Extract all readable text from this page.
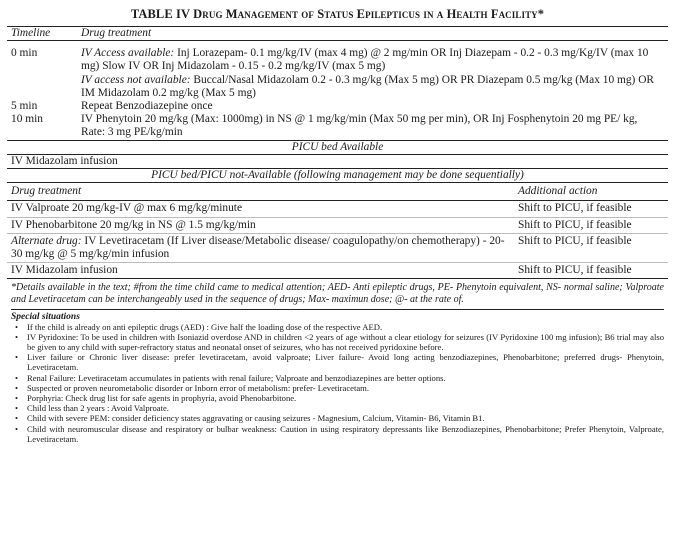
TABLE IV Drug Management of Status Epilepticus in a Health Facility*
Timeline	Drug treatment
0 min	IV Access available: Inj Lorazepam- 0.1 mg/kg/IV (max 4 mg) @ 2 mg/min OR Inj Diazepam - 0.2 - 0.3 mg/Kg/IV (max 10 mg) Slow IV OR Inj Midazolam - 0.15 - 0.2 mg/kg/IV (max 5 mg)
	IV access not available: Buccal/Nasal Midazolam 0.2 - 0.3 mg/kg (Max 5 mg) OR PR Diazepam 0.5 mg/kg (Max 10 mg) OR IM Midazolam 0.2 mg/kg (Max 5 mg)
5 min	Repeat Benzodiazepine once
10 min	IV Phenytoin 20 mg/kg (Max: 1000mg) in NS @ 1 mg/kg/min (Max 50 mg per min), OR Inj Fosphenytoin 20 mg PE/ kg, Rate: 3 mg PE/kg/min
PICU bed Available	
IV Midazolam infusion	
PICU bed/PICU not-Available (following management may be done sequentially)	
Drug treatment	Additional action
IV Valproate 20 mg/kg-IV @ max 6 mg/kg/minute	Shift to PICU, if feasible
IV Phenobarbitone 20 mg/kg in NS @ 1.5 mg/kg/min	Shift to PICU, if feasible
Alternate drug: IV Levetiracetam (If Liver disease/Metabolic disease/ coagulopathy/on chemotherapy) - 20-30 mg/kg @ 5 mg/kg/min infusion	Shift to PICU, if feasible
IV Midazolam infusion	Shift to PICU, if feasible
*Details available in the text; #from the time child came to medical attention; AED- Anti epileptic drugs, PE- Phenytoin equivalent, NS- normal saline; Valproate and Levetiracetam can be interchangeably used in the sequence of drugs; Max- maximun dose; @- at the rate of.
Special situations
• If the child is already on anti epileptic drugs (AED) : Give half the loading dose of the respective AED.
• IV Pyridoxine: To be used in children with Isoniazid overdose AND in children <2 years of age without a clear etiology for seizures (IV Pyridoxine 100 mg infusion); B6 trial may also be given to any child with super-refractory status and neonatal onset of seizures, who has not received pyridoxine before.
• Liver failure or Chronic liver disease: prefer levetiracetam, avoid valproate; Liver failure- Avoid long acting benzodiazepines, Phenobarbitone; preferred drugs- Phenytoin, Levetiracetam.
• Renal Failure: Levetiracetam accumulates in patients with renal failure; Valproate and benzodiazepines are better options.
• Suspected or proven neurometabolic disorder or Inborn error of metabolism: prefer- Levetiracetam.
• Porphyria: Check drug list for safe agents in prophyria, avoid Phenobarbitone.
• Child less than 2 years : Avoid Valproate.
• Child with severe PEM: consider deficiency states aggravating or causing seizures - Magnesium, Calcium, Vitamin- B6, Vitamin B1.
• Child with neuromuscular disease and respiratory or bulbar weakness: Caution in using respiratory depressants like Benzodiazepines, Phenobarbitone; Prefer Phenytoin, Valproate, Levetiracetam.
